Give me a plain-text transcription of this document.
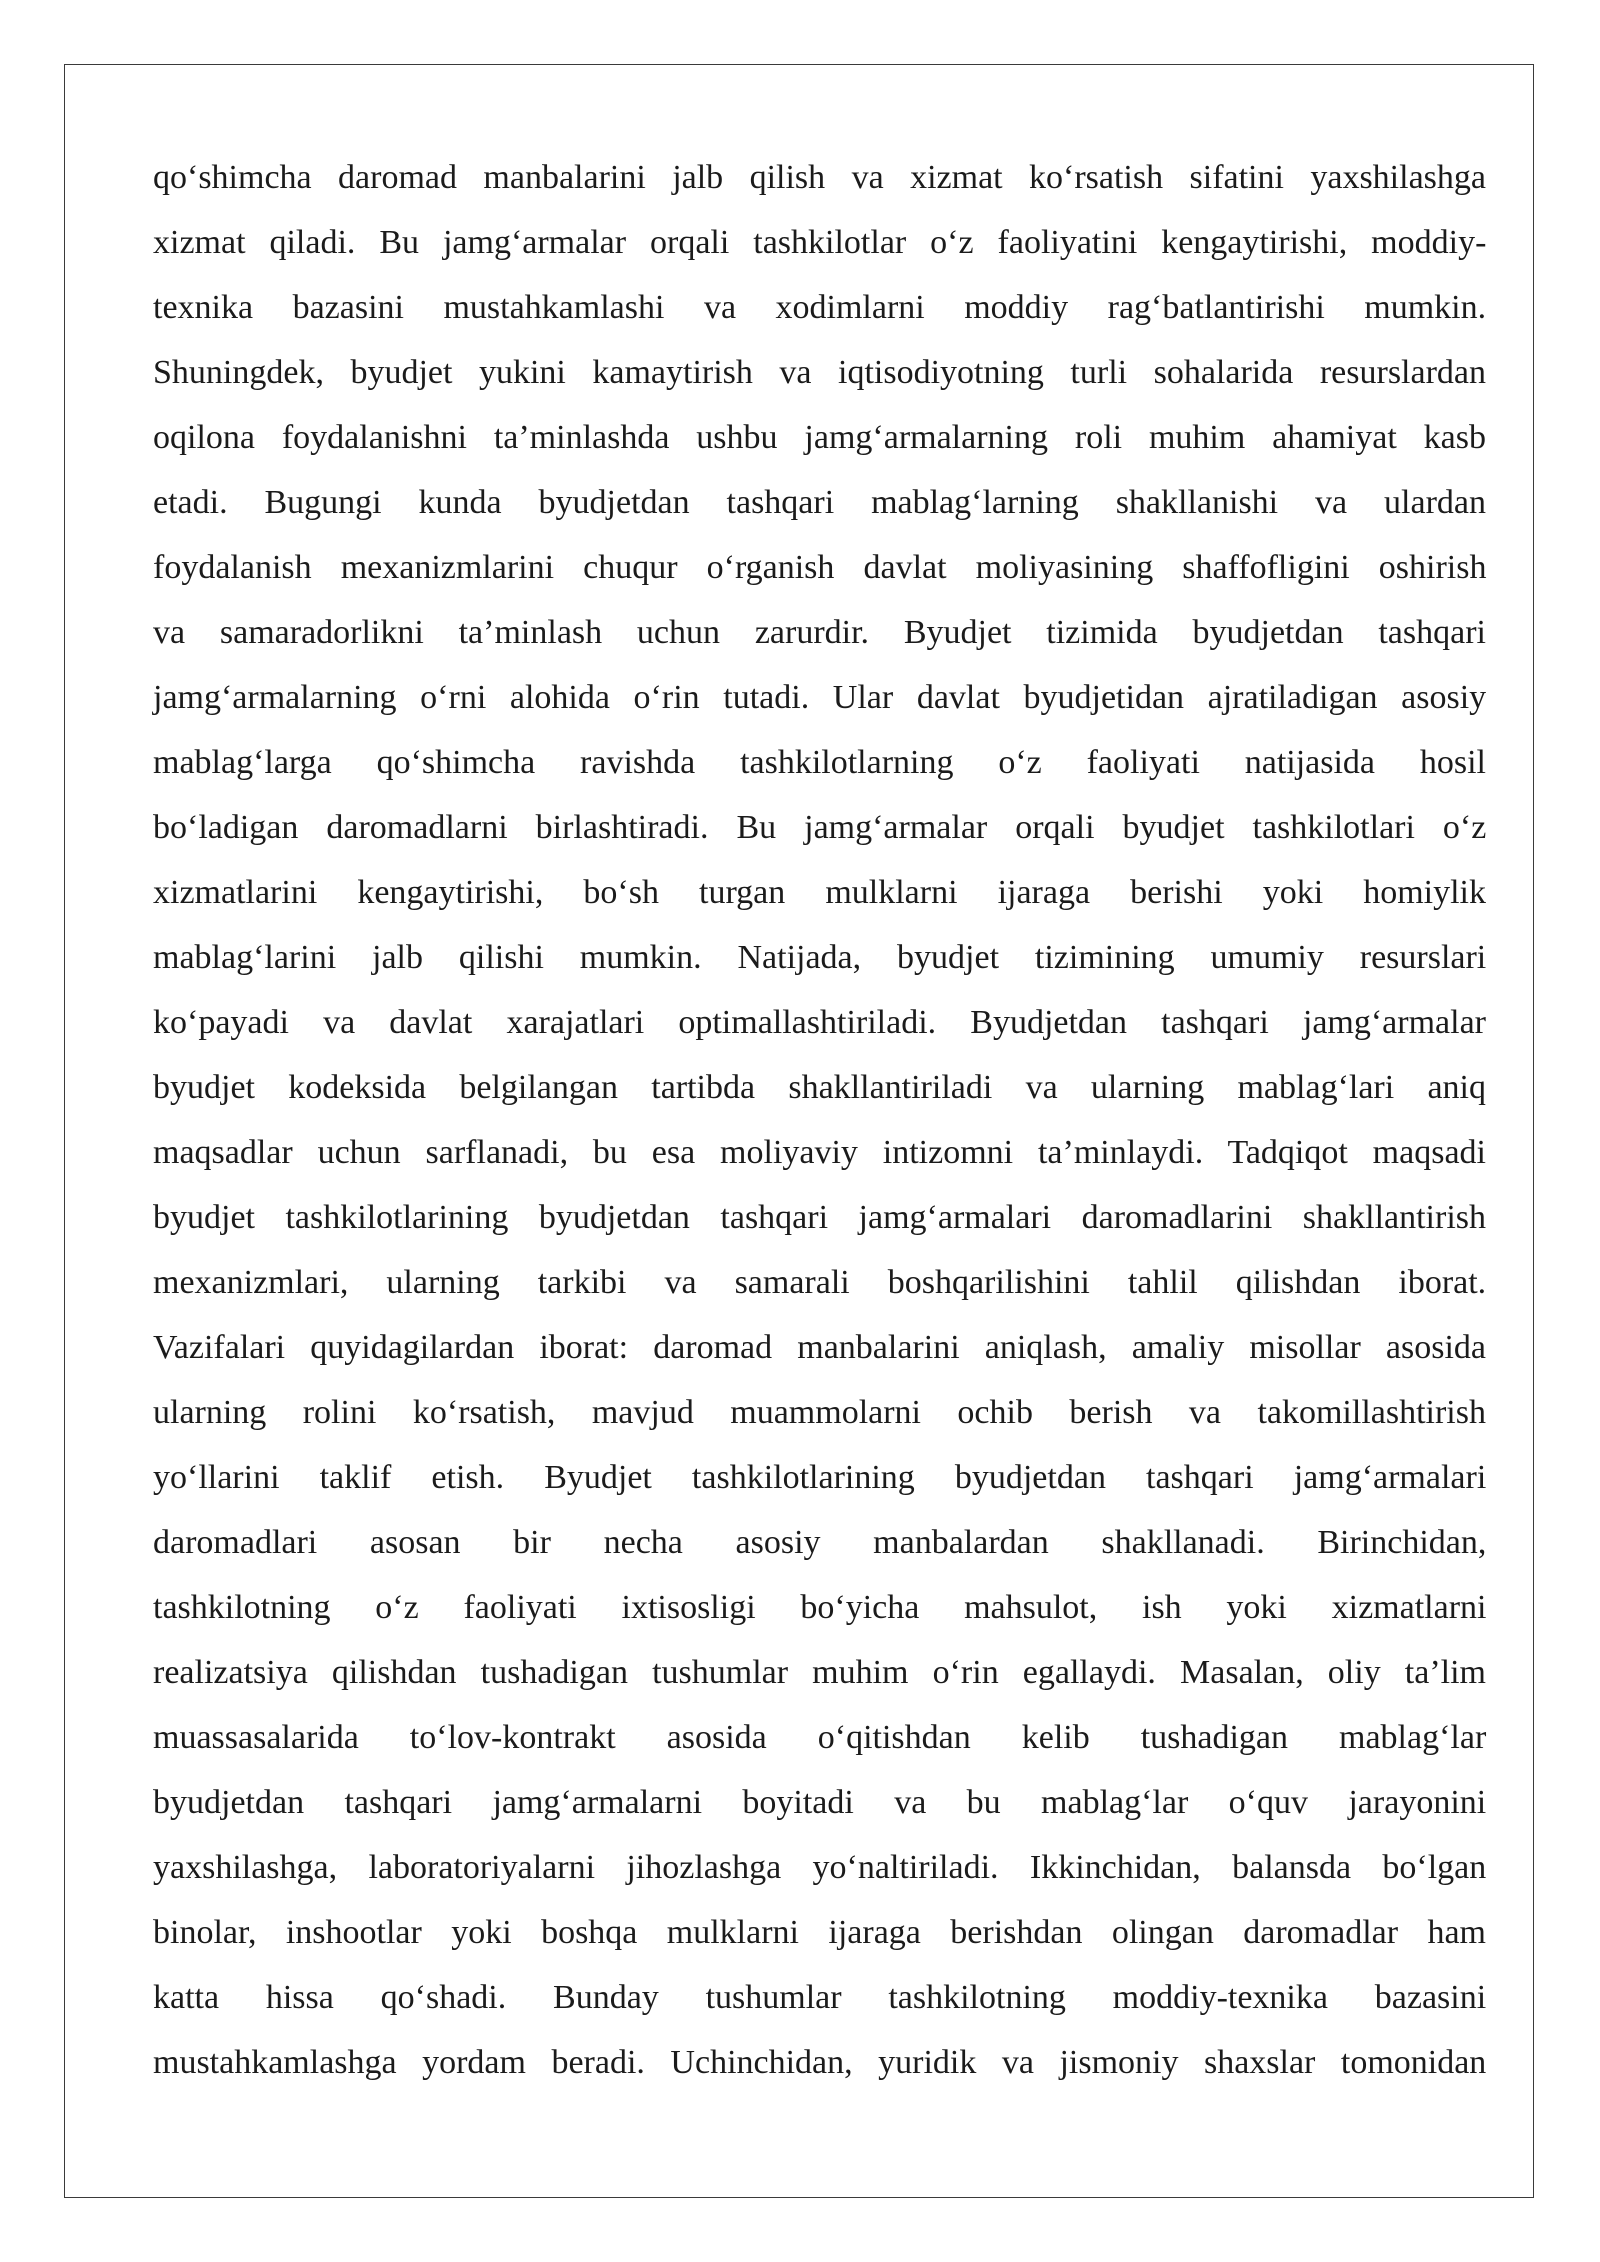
qo‘shimcha daromad manbalarini jalb qilish va xizmat ko‘rsatish sifatini yaxshilashga
xizmat qiladi. Bu jamg‘armalar orqali tashkilotlar o‘z faoliyatini kengaytirishi, moddiy-
texnika bazasini mustahkamlashi va xodimlarni moddiy rag‘batlantirishi mumkin.
Shuningdek, byudjet yukini kamaytirish va iqtisodiyotning turli sohalarida resurslardan
oqilona foydalanishni ta’minlashda ushbu jamg‘armalarning roli muhim ahamiyat kasb
etadi. Bugungi kunda byudjetdan tashqari mablag‘larning shakllanishi va ulardan
foydalanish mexanizmlarini chuqur o‘rganish davlat moliyasining shaffofligini oshirish
va samaradorlikni ta’minlash uchun zarurdir. Byudjet tizimida byudjetdan tashqari
jamg‘armalarning o‘rni alohida o‘rin tutadi. Ular davlat byudjetidan ajratiladigan asosiy
mablag‘larga qo‘shimcha ravishda tashkilotlarning o‘z faoliyati natijasida hosil
bo‘ladigan daromadlarni birlashtiradi. Bu jamg‘armalar orqali byudjet tashkilotlari o‘z
xizmatlarini kengaytirishi, bo‘sh turgan mulklarni ijaraga berishi yoki homiylik
mablag‘larini jalb qilishi mumkin. Natijada, byudjet tizimining umumiy resurslari
ko‘payadi va davlat xarajatlari optimallashtiriladi. Byudjetdan tashqari jamg‘armalar
byudjet kodeksida belgilangan tartibda shakllantiriladi va ularning mablag‘lari aniq
maqsadlar uchun sarflanadi, bu esa moliyaviy intizomni ta’minlaydi. Tadqiqot maqsadi
byudjet tashkilotlarining byudjetdan tashqari jamg‘armalari daromadlarini shakllantirish
mexanizmlari, ularning tarkibi va samarali boshqarilishini tahlil qilishdan iborat.
Vazifalari quyidagilardan iborat: daromad manbalarini aniqlash, amaliy misollar asosida
ularning rolini ko‘rsatish, mavjud muammolarni ochib berish va takomillashtirish
yo‘llarini taklif etish. Byudjet tashkilotlarining byudjetdan tashqari jamg‘armalari
daromadlari asosan bir necha asosiy manbalardan shakllanadi. Birinchidan,
tashkilotning o‘z faoliyati ixtisosligi bo‘yicha mahsulot, ish yoki xizmatlarni
realizatsiya qilishdan tushadigan tushumlar muhim o‘rin egallaydi. Masalan, oliy ta’lim
muassasalarida to‘lov-kontrakt asosida o‘qitishdan kelib tushadigan mablag‘lar
byudjetdan tashqari jamg‘armalarni boyitadi va bu mablag‘lar o‘quv jarayonini
yaxshilashga, laboratoriyalarni jihozlashga yo‘naltiriladi. Ikkinchidan, balansda bo‘lgan
binolar, inshootlar yoki boshqa mulklarni ijaraga berishdan olingan daromadlar ham
katta hissa qo‘shadi. Bunday tushumlar tashkilotning moddiy-texnika bazasini
mustahkamlashga yordam beradi. Uchinchidan, yuridik va jismoniy shaxslar tomonidan
